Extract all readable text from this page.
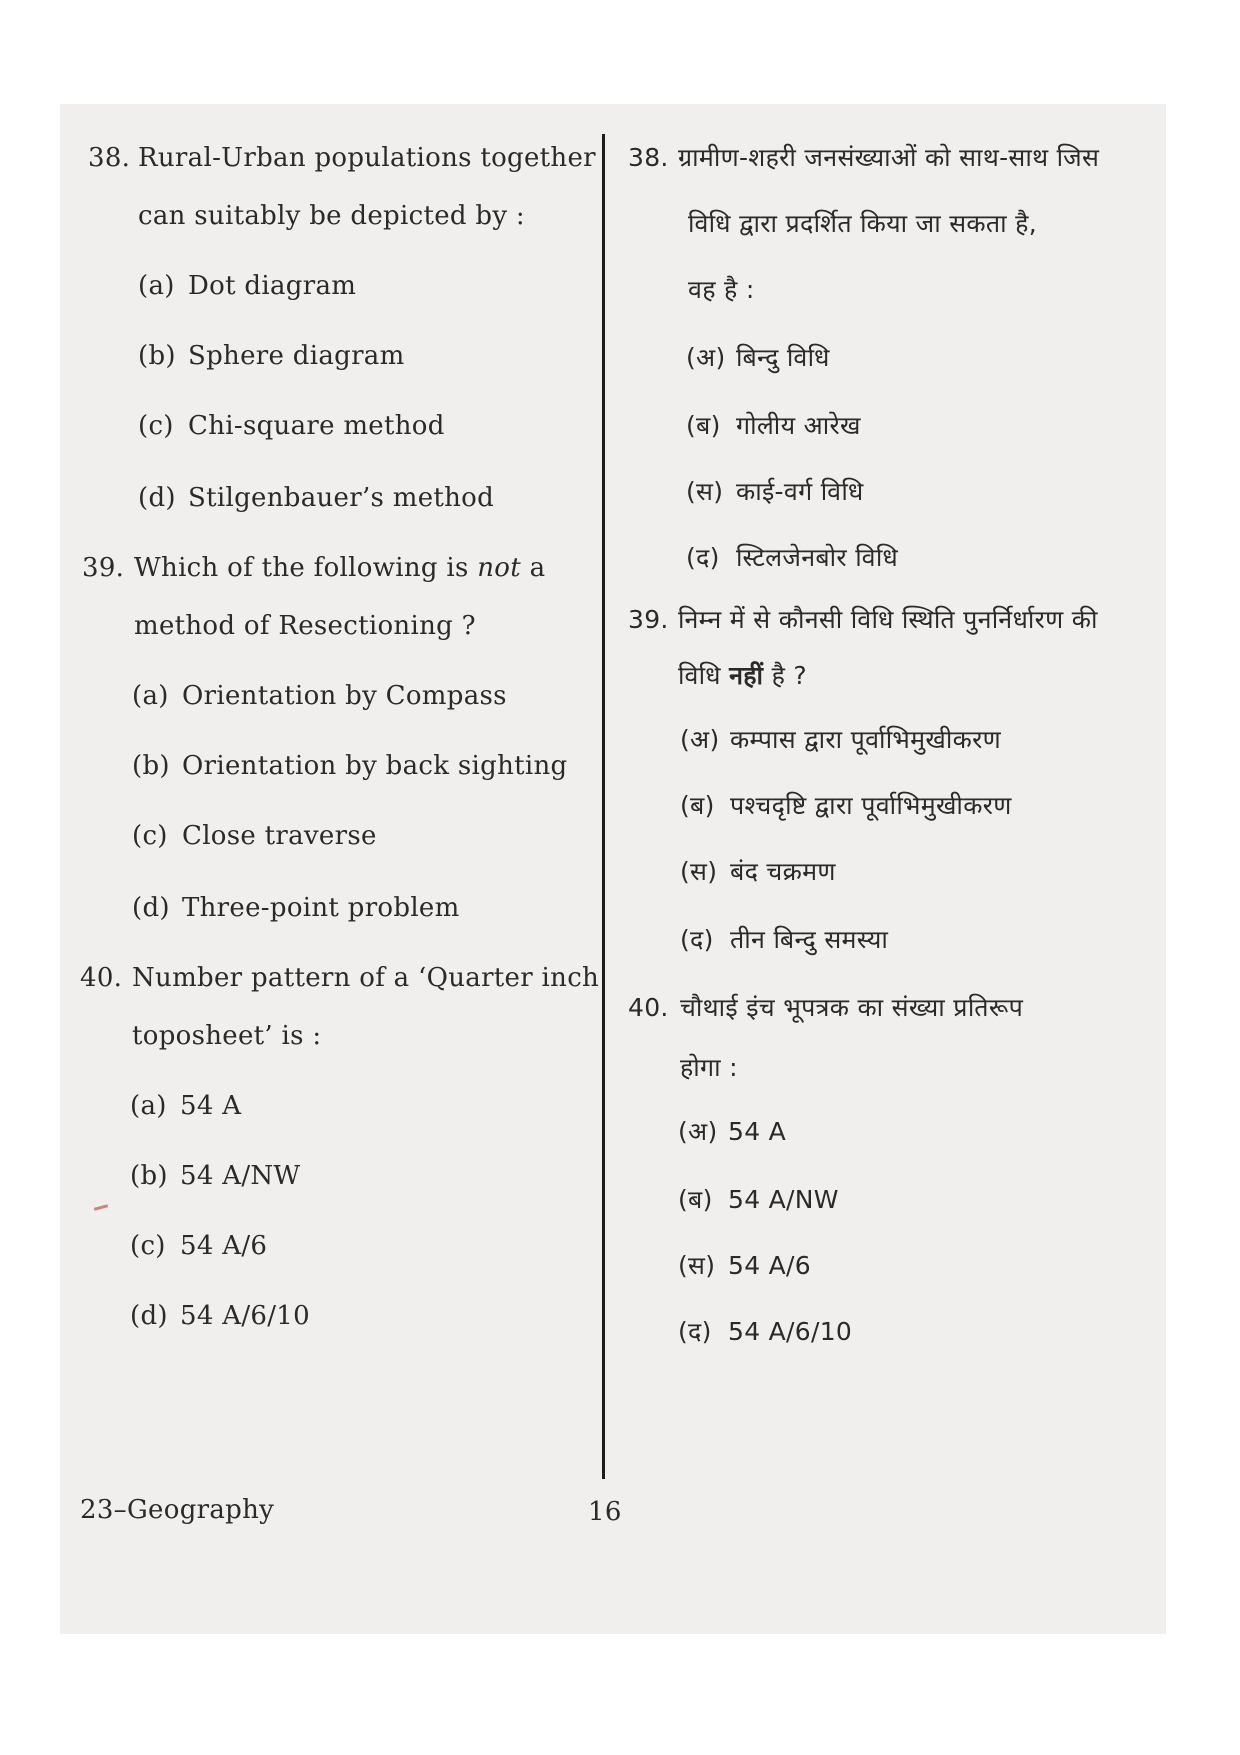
38. Rural-Urban populations together
can suitably be depicted by :
(a) Dot diagram
(b) Sphere diagram
(c) Chi-square method
(d) Stilgenbauer’s method
39. Which of the following is not a
method of Resectioning ?
(a) Orientation by Compass
(b) Orientation by back sighting
(c) Close traverse
(d) Three-point problem
40. Number pattern of a ‘Quarter inch
toposheet’ is :
(a) 54 A
(b) 54 A/NW
(c) 54 A/6
(d) 54 A/6/10
38. ग्रामीण-शहरी जनसंख्याओं को साथ-साथ जिस
विधि द्वारा प्रदर्शित किया जा सकता है,
वह है :
(अ) बिन्दु विधि
(ब) गोलीय आरेख
(स) काई-वर्ग विधि
(द) स्टिलजेनबोर विधि
39. निम्न में से कौनसी विधि स्थिति पुनर्निर्धारण की
विधि नहीं है ?
(अ) कम्पास द्वारा पूर्वाभिमुखीकरण
(ब) पश्चदृष्टि द्वारा पूर्वाभिमुखीकरण
(स) बंद चक्रमण
(द) तीन बिन्दु समस्या
40. चौथाई इंच भूपत्रक का संख्या प्रतिरूप
होगा :
(अ) 54 A
(ब) 54 A/NW
(स) 54 A/6
(द) 54 A/6/10
23–Geography	16
